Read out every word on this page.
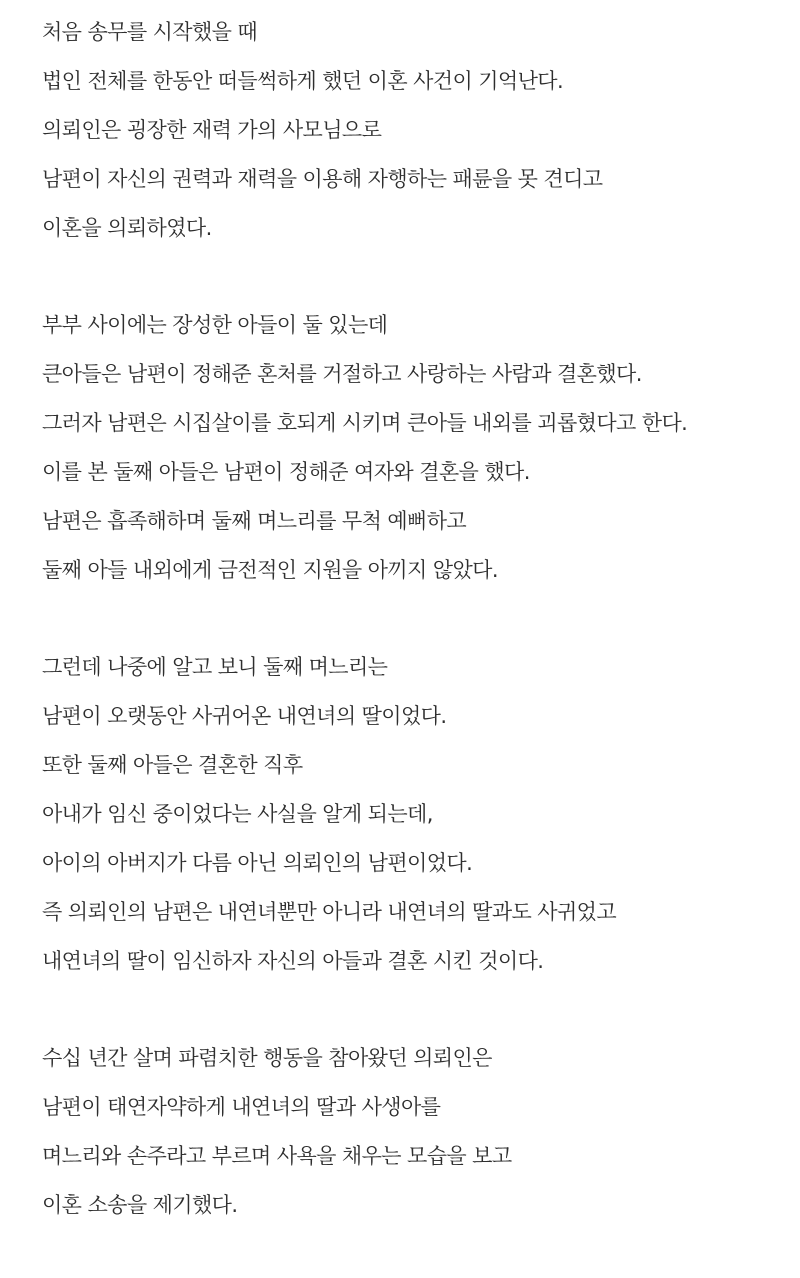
처음 송무를 시작했을 때
법인 전체를 한동안 떠들썩하게 했던 이혼 사건이 기억난다.
의뢰인은 굉장한 재력 가의 사모님으로
남편이 자신의 권력과 재력을 이용해 자행하는 패륜을 못 견디고
이혼을 의뢰하였다.
부부 사이에는 장성한 아들이 둘 있는데
큰아들은 남편이 정해준 혼처를 거절하고 사랑하는 사람과 결혼했다.
그러자 남편은 시집살이를 호되게 시키며 큰아들 내외를 괴롭혔다고 한다.
이를 본 둘째 아들은 남편이 정해준 여자와 결혼을 했다.
남편은 흡족해하며 둘째 며느리를 무척 예뻐하고
둘째 아들 내외에게 금전적인 지원을 아끼지 않았다.
그런데 나중에 알고 보니 둘째 며느리는
남편이 오랫동안 사귀어온 내연녀의 딸이었다.
또한 둘째 아들은 결혼한 직후
아내가 임신 중이었다는 사실을 알게 되는데,
아이의 아버지가 다름 아닌 의뢰인의 남편이었다.
즉 의뢰인의 남편은 내연녀뿐만 아니라 내연녀의 딸과도 사귀었고
내연녀의 딸이 임신하자 자신의 아들과 결혼 시킨 것이다.
수십 년간 살며 파렴치한 행동을 참아왔던 의뢰인은
남편이 태연자약하게 내연녀의 딸과 사생아를
며느리와 손주라고 부르며 사욕을 채우는 모습을 보고
이혼 소송을 제기했다.
